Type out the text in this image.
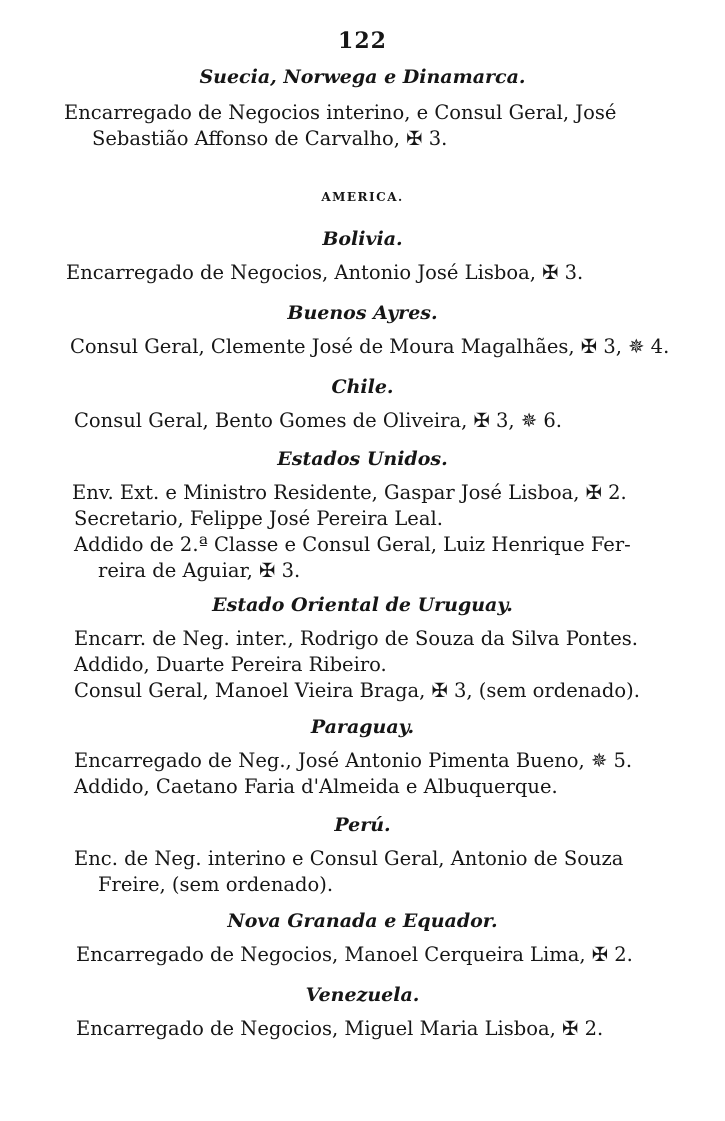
122
Suecia, Norwega e Dinamarca.
Encarregado de Negocios interino, e Consul Geral, José
Sebastião Affonso de Carvalho, ✠ 3.
AMERICA.
Bolivia.
Encarregado de Negocios, Antonio José Lisboa, ✠ 3.
Buenos Ayres.
Consul Geral, Clemente José de Moura Magalhães, ✠ 3, ✵ 4.
Chile.
Consul Geral, Bento Gomes de Oliveira, ✠ 3, ✵ 6.
Estados Unidos.
Env. Ext. e Ministro Residente, Gaspar José Lisboa, ✠ 2.
Secretario, Felippe José Pereira Leal.
Addido de 2.ª Classe e Consul Geral, Luiz Henrique Fer-
reira de Aguiar, ✠ 3.
Estado Oriental de Uruguay.
Encarr. de Neg. inter., Rodrigo de Souza da Silva Pontes.
Addido, Duarte Pereira Ribeiro.
Consul Geral, Manoel Vieira Braga, ✠ 3, (sem ordenado).
Paraguay.
Encarregado de Neg., José Antonio Pimenta Bueno, ✵ 5.
Addido, Caetano Faria d'Almeida e Albuquerque.
Perú.
Enc. de Neg. interino e Consul Geral, Antonio de Souza
Freire, (sem ordenado).
Nova Granada e Equador.
Encarregado de Negocios, Manoel Cerqueira Lima, ✠ 2.
Venezuela.
Encarregado de Negocios, Miguel Maria Lisboa, ✠ 2.
